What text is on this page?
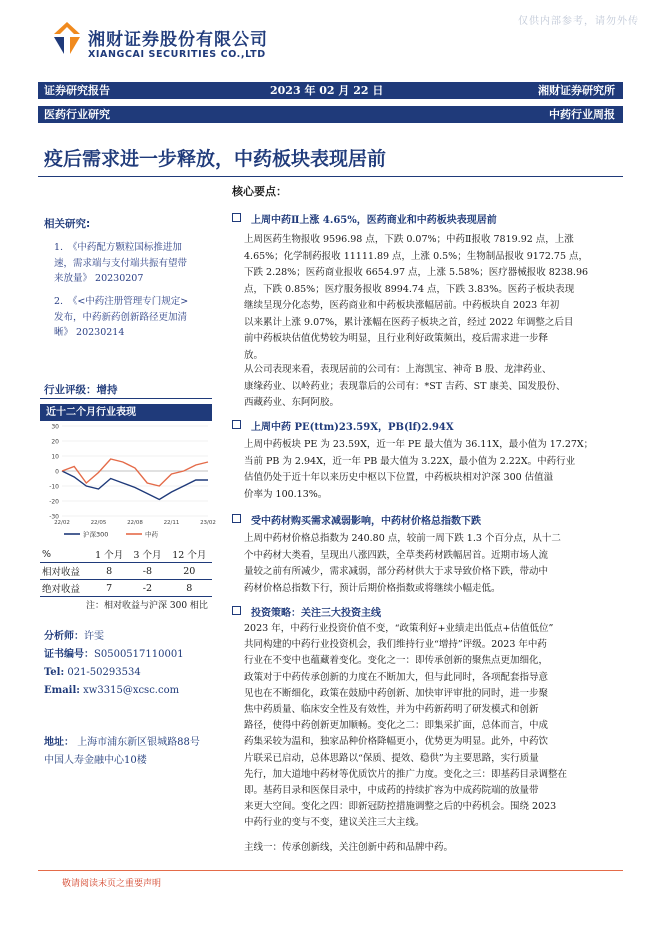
仅供内部参考，请勿外传
湘财证券股份有限公司
XIANGCAI SECURITIES CO.,LTD
证券研究报告	2023 年 02 月 22 日	湘财证券研究所
医药行业研究	中药行业周报
疫后需求进一步释放，中药板块表现居前
相关研究:
1.　《中药配方颗粒国标推进加
速，需求端与支付端共振有望带
来放量》 20230207
2.　《<中药注册管理专门规定>
发布，中药新药创新路径更加清
晰》 20230214
行业评级：增持
近十二个月行业表现
-30
-20
-10
0
10
20
30
22/02	22/05	22/08	22/11	23/02
沪深300	中药
%	1 个月	3 个月	12 个月
相对收益	8	-8	20
绝对收益	7	-2	8
注：相对收益与沪深 300 相比
分析师：许雯
证书编号：S0500517110001
Tel: 021-50293534
Email: xw3315@xcsc.com
地址： 上海市浦东新区银城路88号
中国人寿金融中心10楼
核心要点：
上周中药Ⅱ上涨 4.65%，医药商业和中药板块表现居前
上周医药生物报收 9596.98 点，下跌 0.07%；中药Ⅱ报收 7819.92 点，上涨
4.65%；化学制药报收 11111.89 点，上涨 0.5%；生物制品报收 9172.75 点，
下跌 2.28%；医药商业报收 6654.97 点，上涨 5.58%；医疗器械报收 8238.96
点，下跌 0.85%；医疗服务报收 8994.74 点，下跌 3.83%。医药子板块表现
继续呈现分化态势，医药商业和中药板块涨幅居前。中药板块自 2023 年初
以来累计上涨 9.07%，累计涨幅在医药子板块之首，经过 2022 年调整之后目
前中药板块估值优势较为明显，且行业利好政策频出，疫后需求进一步释
放。
从公司表现来看，表现居前的公司有：上海凯宝、神奇 B 股、龙津药业、
康缘药业、以岭药业；表现靠后的公司有：*ST 吉药、ST 康美、国发股份、
西藏药业、东阿阿胶。
上周中药 PE(ttm)23.59X，PB(lf)2.94X
上周中药板块 PE 为 23.59X，近一年 PE 最大值为 36.11X，最小值为 17.27X；
当前 PB 为 2.94X，近一年 PB 最大值为 3.22X，最小值为 2.22X。中药行业
估值仍处于近十年以来历史中枢以下位置，中药板块相对沪深 300 估值溢
价率为 100.13%。
受中药材购买需求减弱影响，中药材价格总指数下跌
上周中药材价格总指数为 240.80 点，较前一周下跌 1.3 个百分点，从十二
个中药材大类看，呈现出八涨四跌，全草类药材跌幅居首。近期市场人流
量较之前有所减少，需求减弱，部分药材供大于求导致价格下跌，带动中
药材价格总指数下行，预计后期价格指数或将继续小幅走低。
投资策略：关注三大投资主线
2023 年，中药行业投资价值不变，“政策利好+业绩走出低点+估值低位”
共同构建的中药行业投资机会，我们维持行业“增持”评级。2023 年中药
行业在不变中也蕴藏着变化。变化之一：即传承创新的聚焦点更加细化，
政策对于中药传承创新的力度在不断加大，但与此同时，各项配套指导意
见也在不断细化，政策在鼓励中药创新、加快审评审批的同时，进一步聚
焦中药质量、临床安全性及有效性，并为中药新药明了研发模式和创新
路径，使得中药创新更加顺畅。变化之二：即集采扩面，总体而言，中成
药集采较为温和，独家品种价格降幅更小，优势更为明显。此外，中药饮
片联采已启动，总体思路以“保质、提效、稳供”为主要思路，实行质量
先行，加大道地中药材等优质饮片的推广力度。变化之三：即基药目录调整在
即。基药目录和医保目录中，中成药的持续扩容为中成药院端的放量带
来更大空间。变化之四：即新冠防控措施调整之后的中药机会。围绕 2023
中药行业的变与不变，建议关注三大主线。
主线一：传承创新线，关注创新中药和品牌中药。
敬请阅读末页之重要声明
